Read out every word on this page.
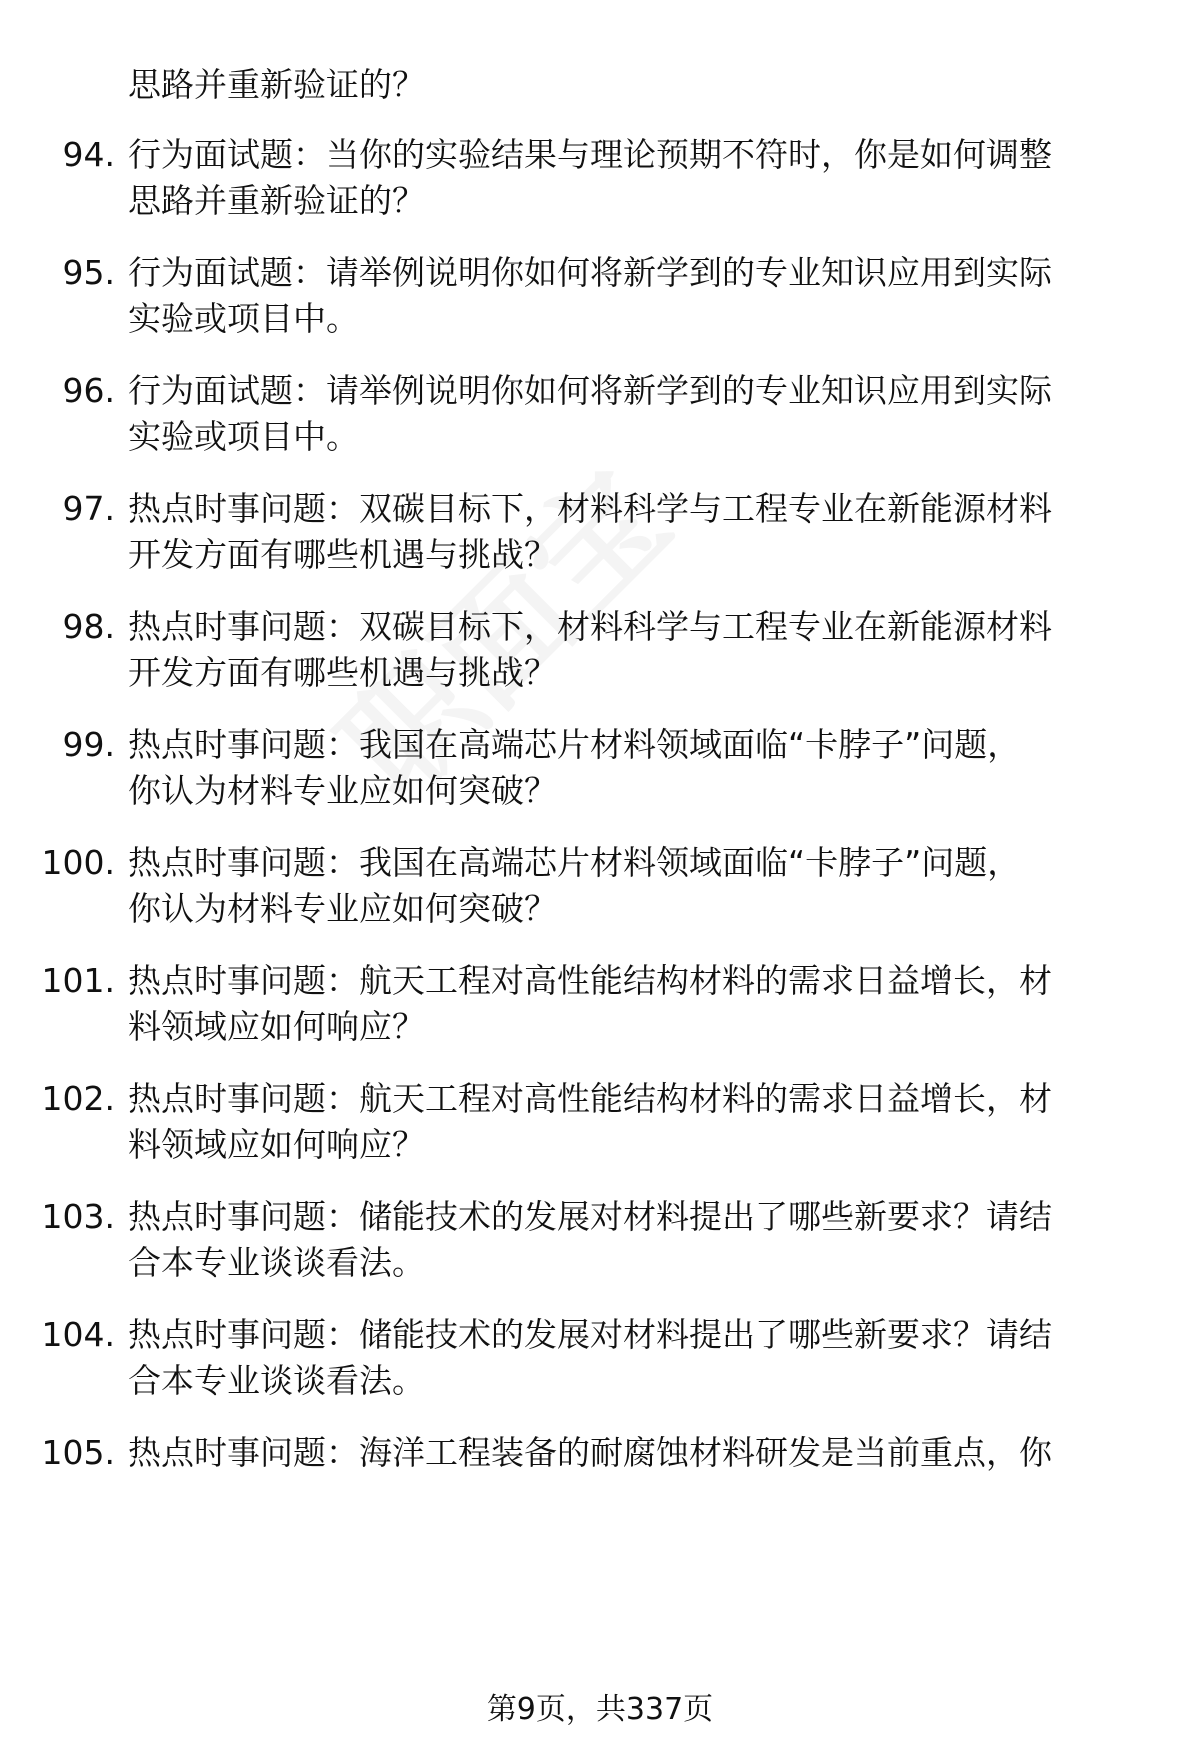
思路并重新验证的？
94. 行为面试题：当你的实验结果与理论预期不符时，你是如何调整
思路并重新验证的？
95. 行为面试题：请举例说明你如何将新学到的专业知识应用到实际
实验或项目中。
96. 行为面试题：请举例说明你如何将新学到的专业知识应用到实际
实验或项目中。
97. 热点时事问题：双碳目标下，材料科学与工程专业在新能源材料
开发方面有哪些机遇与挑战？
98. 热点时事问题：双碳目标下，材料科学与工程专业在新能源材料
开发方面有哪些机遇与挑战？
99. 热点时事问题：我国在高端芯片材料领域面临“卡脖子”问题，
你认为材料专业应如何突破？
100. 热点时事问题：我国在高端芯片材料领域面临“卡脖子”问题，
你认为材料专业应如何突破？
101. 热点时事问题：航天工程对高性能结构材料的需求日益增长，材
料领域应如何响应？
102. 热点时事问题：航天工程对高性能结构材料的需求日益增长，材
料领域应如何响应？
103. 热点时事问题：储能技术的发展对材料提出了哪些新要求？请结
合本专业谈谈看法。
104. 热点时事问题：储能技术的发展对材料提出了哪些新要求？请结
合本专业谈谈看法。
105. 热点时事问题：海洋工程装备的耐腐蚀材料研发是当前重点，你
第9页，共337页
